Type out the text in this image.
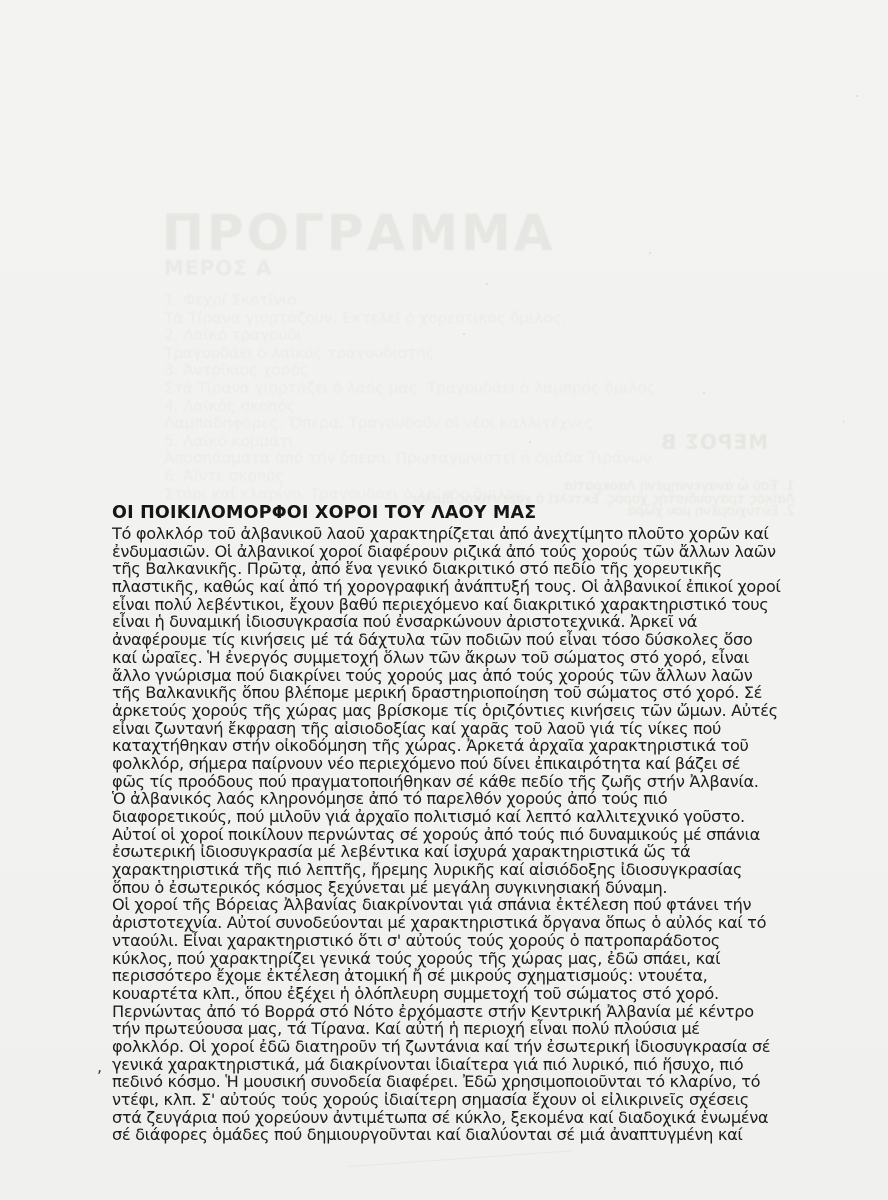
ΠΡΟΓΡΑΜΜΑ
ΜΕΡΟΣ Α
1. Φεχρί Σκοτίνιο
Τά Τίρανα γιορτάζουν. Ἐκτελεῖ ὁ χορευτικός ὅμιλος.
2. Λαϊκό τραγούδι
Τραγουδάει ὁ λαϊκός τραγουδιστής
3. Ἀντρίκιος χορός
Στά Τίρανα γιορτάζει ὁ λαός μας. Τραγουδάει ὁ λαμπρός ὅμιλος
4. Λαϊκός σκοπός
Λαμπαδηφόρες. Ὄπερα. Τραγουδοῦν οἱ νέοι καλλιτέχνες
5. Λαϊκό κομμάτι
Ἀποσπάσματα ἀπό τήν ὄπερα. Πρωταγωνιστεῖ ἡ ὁμάδα Τιράνων
6. Ἀϊντε σκοπός
Στόρι καί κλαρίνο. Τραγουδάει ὁ λαϊκός ὅμιλος
ΜΕΡΟΣ Β
1. Ἐσύ ὦ ἀναγεννημένη Λαοκρατία
Λαϊκός τραγουδιστής χορός. Ἐκτελεῖ ὁ χορευτικός ὅμιλος
2. Εὐτυχισμένη μου χώρα
ΟΙ ΠΟΙΚΙΛΟΜΟΡΦΟΙ ΧΟΡΟΙ ΤΟΥ ΛΑΟΥ ΜΑΣ
Τό φολκλόρ τοῦ ἀλβανικοῦ λαοῦ χαρακτηρίζεται ἀπό ἀνεχτίμητο πλοῦτο χορῶν καί
ἐνδυμασιῶν. Οἱ ἀλβανικοί χοροί διαφέρουν ριζικά ἀπό τούς χορούς τῶν ἄλλων λαῶν
τῆς Βαλκανικῆς. Πρῶτᾳ, ἀπό ἕνα γενικό διακριτικό στό πεδίο τῆς χορευτικῆς
πλαστικῆς, καθώς καί ἀπό τή χορογραφική ἀνάπτυξή τους. Οἱ ἀλβανικοί ἐπικοί χοροί
εἶναι πολύ λεβέντικοι, ἔχουν βαθύ περιεχόμενο καί διακριτικό χαρακτηριστικό τους
εἶναι ἡ δυναμική ἰδιοσυγκρασία πού ἐνσαρκώνουν ἀριστοτεχνικά. Ἀρκεῖ νά
ἀναφέρουμε τίς κινήσεις μέ τά δάχτυλα τῶν ποδιῶν πού εἶναι τόσο δύσκολες ὅσο
καί ὡραῖες. Ἡ ἐνεργός συμμετοχή ὅλων τῶν ἄκρων τοῦ σώματος στό χορό, εἶναι
ἄλλο γνώρισμα πού διακρίνει τούς χορούς μας ἀπό τούς χορούς τῶν ἄλλων λαῶν
τῆς Βαλκανικῆς ὅπου βλέπομε μερική δραστηριοποίηση τοῦ σώματος στό χορό. Σέ
ἀρκετούς χορούς τῆς χώρας μας βρίσκομε τίς ὁριζόντιες κινήσεις τῶν ὤμων. Αὐτές
εἶναι ζωντανή ἔκφραση τῆς αἰσιοδοξίας καί χαρᾶς τοῦ λαοῦ γιά τίς νίκες πού
καταχτήθηκαν στήν οἰκοδόμηση τῆς χώρας. Ἀρκετά ἀρχαῖα χαρακτηριστικά τοῦ
φολκλόρ, σήμερα παίρνουν νέο περιεχόμενο πού δίνει ἐπικαιρότητα καί βάζει σέ
φῶς τίς προόδους πού πραγματοποιήθηκαν σέ κάθε πεδίο τῆς ζωῆς στήν Ἀλβανία.
Ὁ ἀλβανικός λαός κληρονόμησε ἀπό τό παρελθόν χορούς ἀπό τούς πιό
διαφορετικούς, πού μιλοῦν γιά ἀρχαῖο πολιτισμό καί λεπτό καλλιτεχνικό γοῦστο.
Αὐτοί οἱ χοροί ποικίλουν περνώντας σέ χορούς ἀπό τούς πιό δυναμικούς μέ σπάνια
ἐσωτερική ἰδιοσυγκρασία μέ λεβέντικα καί ἰσχυρά χαρακτηριστικά ὥς τά
χαρακτηριστικά τῆς πιό λεπτῆς, ἤρεμης λυρικῆς καί αἰσιόδοξης ἰδιοσυγκρασίας
ὅπου ὁ ἐσωτερικός κόσμος ξεχύνεται μέ μεγάλη συγκινησιακή δύναμη.
Οἱ χοροί τῆς Βόρειας Ἀλβανίας διακρίνονται γιά σπάνια ἐκτέλεση πού φτάνει τήν
ἀριστοτεχνία. Αὐτοί συνοδεύονται μέ χαρακτηριστικά ὄργανα ὅπως ὁ αὐλός καί τό
νταούλι. Εἶναι χαρακτηριστικό ὅτι σ' αὐτούς τούς χορούς ὁ πατροπαράδοτος
κύκλος, πού χαρακτηρίζει γενικά τούς χορούς τῆς χώρας μας, ἐδῶ σπάει, καί
περισσότερο ἔχομε ἐκτέλεση ἀτομική ἤ σέ μικρούς σχηματισμούς: ντουέτα,
κουαρτέτα κλπ., ὅπου ἐξέχει ἡ ὁλόπλευρη συμμετοχή τοῦ σώματος στό χορό.
Περνώντας ἀπό τό Βορρά στό Νότο ἐρχόμαστε στήν Κεντρική Ἀλβανία μέ κέντρο
τήν πρωτεύουσα μας, τά Τίρανα. Καί αὐτή ἡ περιοχή εἶναι πολύ πλούσια μέ
φολκλόρ. Οἱ χοροί ἐδῶ διατηροῦν τή ζωντάνια καί τήν ἐσωτερική ἰδιοσυγκρασία σέ
γενικά χαρακτηριστικά, μά διακρίνονται ἰδιαίτερα γιά πιό λυρικό, πιό ἥσυχο, πιό
πεδινό κόσμο. Ἡ μουσική συνοδεία διαφέρει. Ἐδῶ χρησιμοποιοῦνται τό κλαρίνο, τό
ντέφι, κλπ. Σ' αὐτούς τούς χορούς ἰδιαίτερη σημασία ἔχουν οἱ εἰλικρινεῖς σχέσεις
στά ζευγάρια πού χορεύουν ἀντιμέτωπα σέ κύκλο, ξεκομένα καί διαδοχικά ἑνωμένα
σέ διάφορες ὁμάδες πού δημιουργοῦνται καί διαλύονται σέ μιά ἀναπτυγμένη καί
,
